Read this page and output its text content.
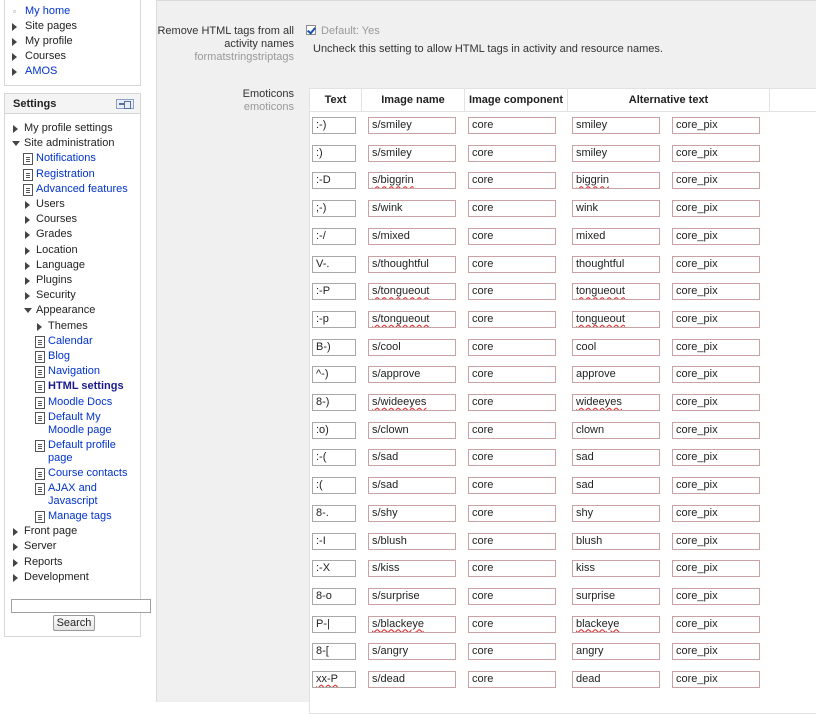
▫ My home
Site pages
My profile
Courses
AMOS
Settings
My profile settings
Site administration
Notifications
Registration
Advanced features
Users
Courses
Grades
Location
Language
Plugins
Security
Appearance
Themes
Calendar
Blog
Navigation
HTML settings
Moodle Docs
Default My Moodle page
Default profile page
Course contacts
AJAX and Javascript
Manage tags
Front page
Server
Reports
Development
Search
Remove HTML tags from all activity names
formatstringstriptags
Default: Yes
Uncheck this setting to allow HTML tags in activity and resource names.
Emoticons
emoticons
Text	Image name	Image component	Alternative text
:-)	s/smiley	core	smiley	core_pix
:)	s/smiley	core	smiley	core_pix
:-D	s/biggrin	core	biggrin	core_pix
;-)	s/wink	core	wink	core_pix
:-/	s/mixed	core	mixed	core_pix
V-.	s/thoughtful	core	thoughtful	core_pix
:-P	s/tongueout	core	tongueout	core_pix
:-p	s/tongueout	core	tongueout	core_pix
B-)	s/cool	core	cool	core_pix
^-)	s/approve	core	approve	core_pix
8-)	s/wideeyes	core	wideeyes	core_pix
:o)	s/clown	core	clown	core_pix
:-(	s/sad	core	sad	core_pix
:(	s/sad	core	sad	core_pix
8-.	s/shy	core	shy	core_pix
:-I	s/blush	core	blush	core_pix
:-X	s/kiss	core	kiss	core_pix
8-o	s/surprise	core	surprise	core_pix
P-|	s/blackeye	core	blackeye	core_pix
8-[	s/angry	core	angry	core_pix
xx-P	s/dead	core	dead	core_pix
